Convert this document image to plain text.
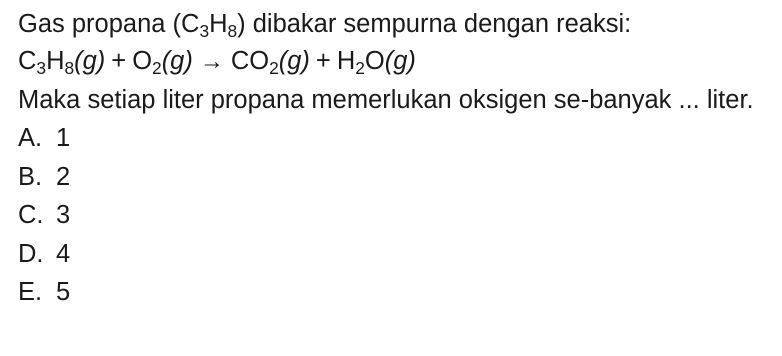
Gas propana $(C_3H_8)$ dibakar sempurna dengan reaksi:
$C_3H_8(g) + O_2(g) \to CO_2(g) + H_2O(g)$
Maka setiap liter propana memerlukan oksigen se-banyak ... liter.
A. 1
B. 2
C. 3
D. 4
E. 5
